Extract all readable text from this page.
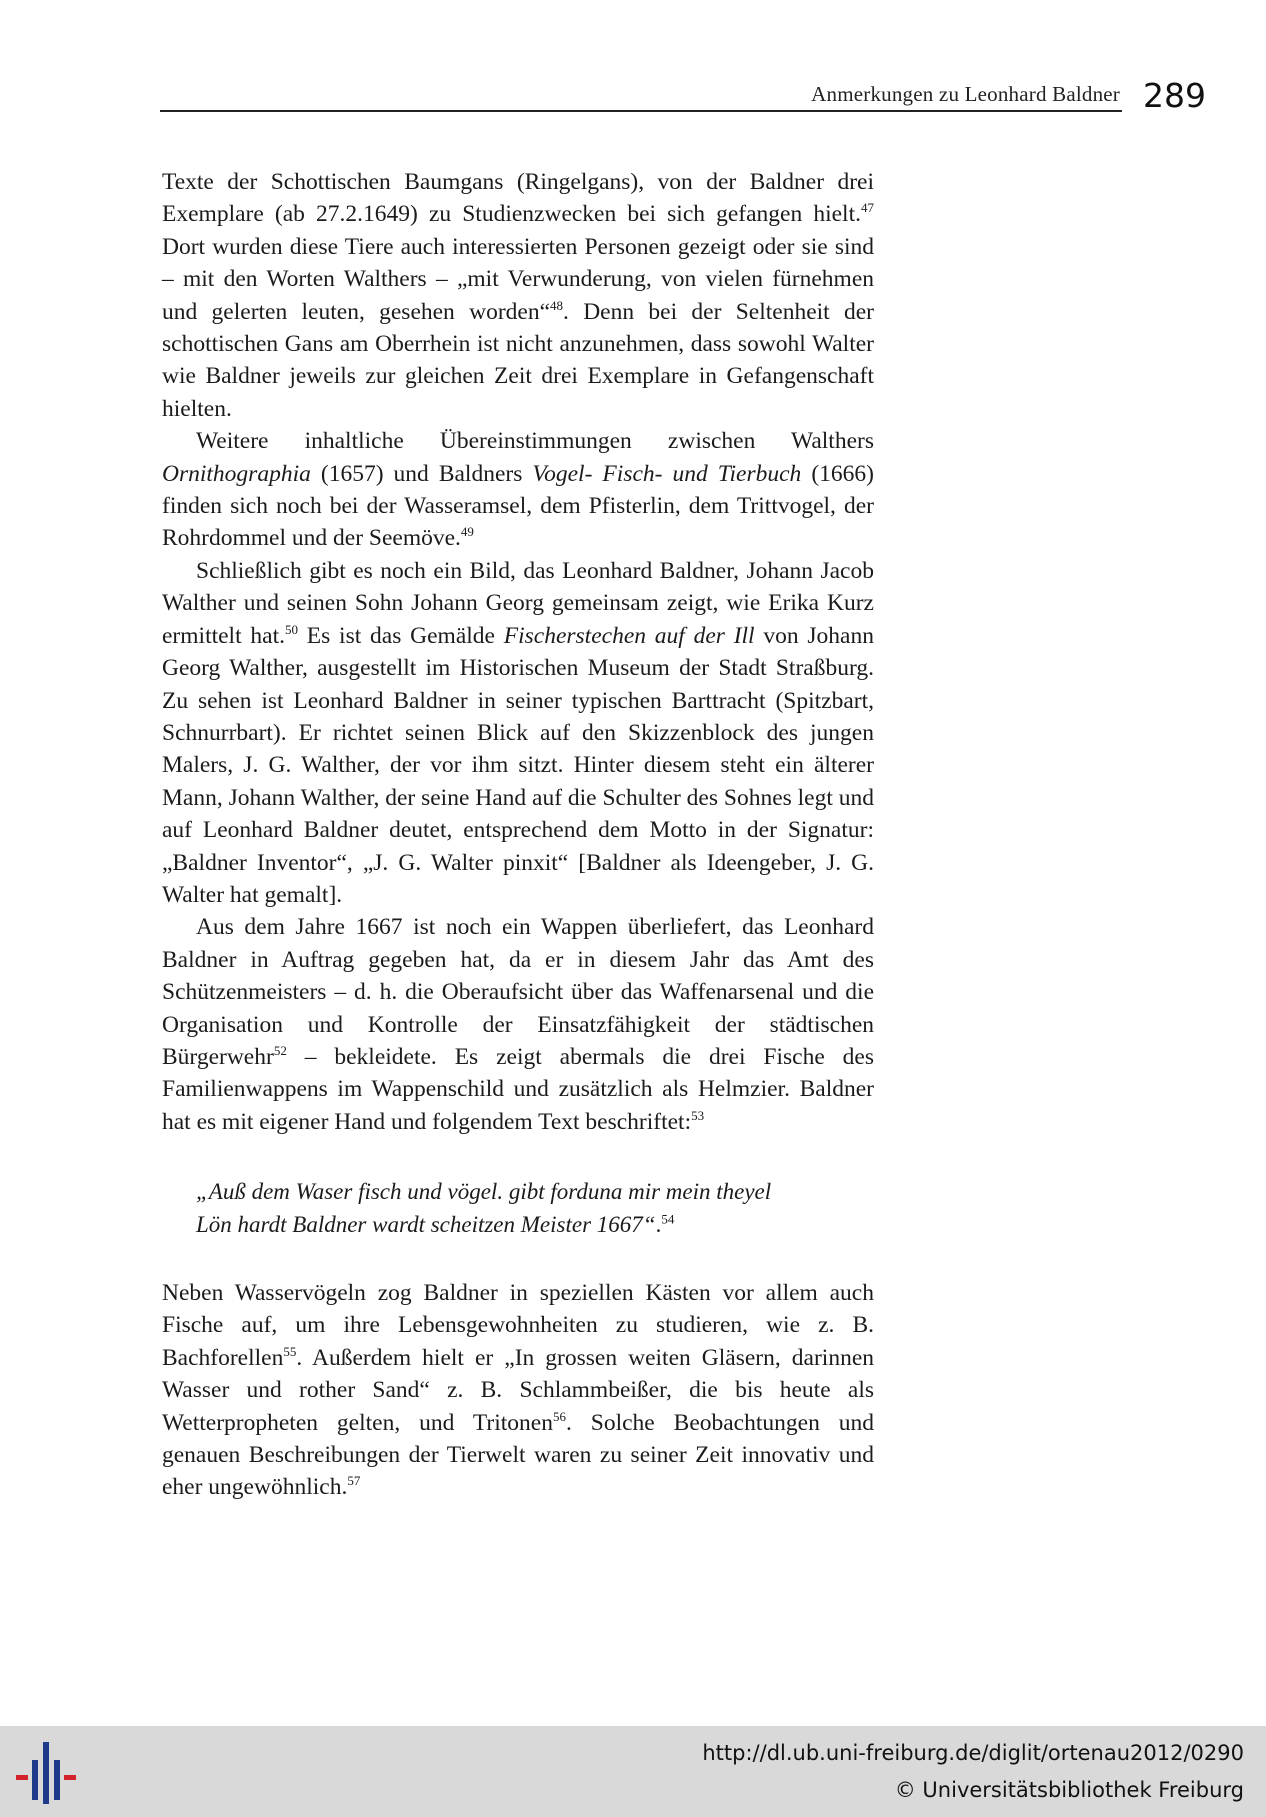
Anmerkungen zu Leonhard Baldner 289

Texte der Schottischen Baumgans (Ringelgans), von der Baldner drei Exemplare (ab 27.2.1649) zu Studienzwecken bei sich gefangen hielt.$^{47}$ Dort wurden diese Tiere auch interessierten Personen gezeigt oder sie sind – mit den Worten Walthers – „mit Verwunderung, von vielen fürnehmen und gelerten leuten, gesehen worden“$^{48}$. Denn bei der Seltenheit der schottischen Gans am Oberrhein ist nicht anzunehmen, dass sowohl Walter wie Baldner jeweils zur gleichen Zeit drei Exemplare in Gefangenschaft hielten.

Weitere inhaltliche Übereinstimmungen zwischen Walthers Ornithographia (1657) und Baldners Vogel- Fisch- und Tierbuch (1666) finden sich noch bei der Wasseramsel, dem Pfisterlin, dem Trittvogel, der Rohrdommel und der Seemöve.$^{49}$

Schließlich gibt es noch ein Bild, das Leonhard Baldner, Johann Jacob Walther und seinen Sohn Johann Georg gemeinsam zeigt, wie Erika Kurz ermittelt hat.$^{50}$ Es ist das Gemälde Fischerstechen auf der Ill von Johann Georg Walther, ausgestellt im Historischen Museum der Stadt Straßburg. Zu sehen ist Leonhard Baldner in seiner typischen Barttracht (Spitzbart, Schnurrbart). Er richtet seinen Blick auf den Skizzenblock des jungen Malers, J. G. Walther, der vor ihm sitzt. Hinter diesem steht ein älterer Mann, Johann Walther, der seine Hand auf die Schulter des Sohnes legt und auf Leonhard Baldner deutet, entsprechend dem Motto in der Signatur: „Baldner Inventor“, „J. G. Walter pinxit“ [Baldner als Ideengeber, J. G. Walter hat gemalt].

Aus dem Jahre 1667 ist noch ein Wappen überliefert, das Leonhard Baldner in Auftrag gegeben hat, da er in diesem Jahr das Amt des Schützenmeisters – d. h. die Oberaufsicht über das Waffenarsenal und die Organisation und Kontrolle der Einsatzfähigkeit der städtischen Bürgerwehr$^{52}$ – bekleidete. Es zeigt abermals die drei Fische des Familienwappens im Wappenschild und zusätzlich als Helmzier. Baldner hat es mit eigener Hand und folgendem Text beschriftet:$^{53}$

„Auß dem Waser fisch und vögel. gibt forduna mir mein theyel
Lön hardt Baldner wardt scheitzen Meister 1667“.$^{54}$

Neben Wasservögeln zog Baldner in speziellen Kästen vor allem auch Fische auf, um ihre Lebensgewohnheiten zu studieren, wie z. B. Bachforellen$^{55}$. Außerdem hielt er „In grossen weiten Gläsern, darinnen Wasser und rother Sand“ z. B. Schlammbeißer, die bis heute als Wetterpropheten gelten, und Tritonen$^{56}$. Solche Beobachtungen und genauen Beschreibungen der Tierwelt waren zu seiner Zeit innovativ und eher ungewöhnlich.$^{57}$

http://dl.ub.uni-freiburg.de/diglit/ortenau2012/0290
© Universitätsbibliothek Freiburg
